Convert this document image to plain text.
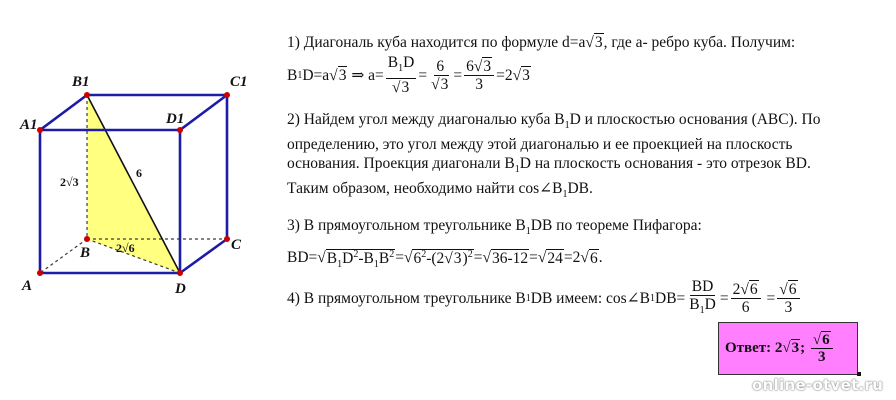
B1	C1
A1	D1
B	C
A	D
2√3
6
2√6
1) Диагональ куба находится по формуле d=a√3, где а- ребро куба. Получим:
B 1 D=a √3
⇒ $a= \frac{B_1D}{√3} = \frac{6}{√3} = \frac{6√3}{3} =2$ √3
2) Найдем угол между диагональю куба $B_1D$ и плоскостью основания (ABC). По
определению, это угол между этой диагональю и ее проекцией на плоскость
основания. Проекция диагонали $B_1D$ на плоскость основания - это отрезок BD.
Таким образом, необходимо найти $\cos\angle B_1DB$.
3) В прямоугольном треугольнике $B_1DB$ по теореме Пифагора:
$BD=√B_1D^2-B_1B^2=√6^2-(2√3)^2=√36-12=√24=2√6$.
4) В прямоугольном треугольнике B 1 DB имеем: cos∠B 1 $DB= \frac{BD}{B_1D} = \frac{2√6}{6}$
= $\frac{√6}{3}$
Ответ: 2 √3 ;
$\frac{√6}{3}$
online-otvet.ru
